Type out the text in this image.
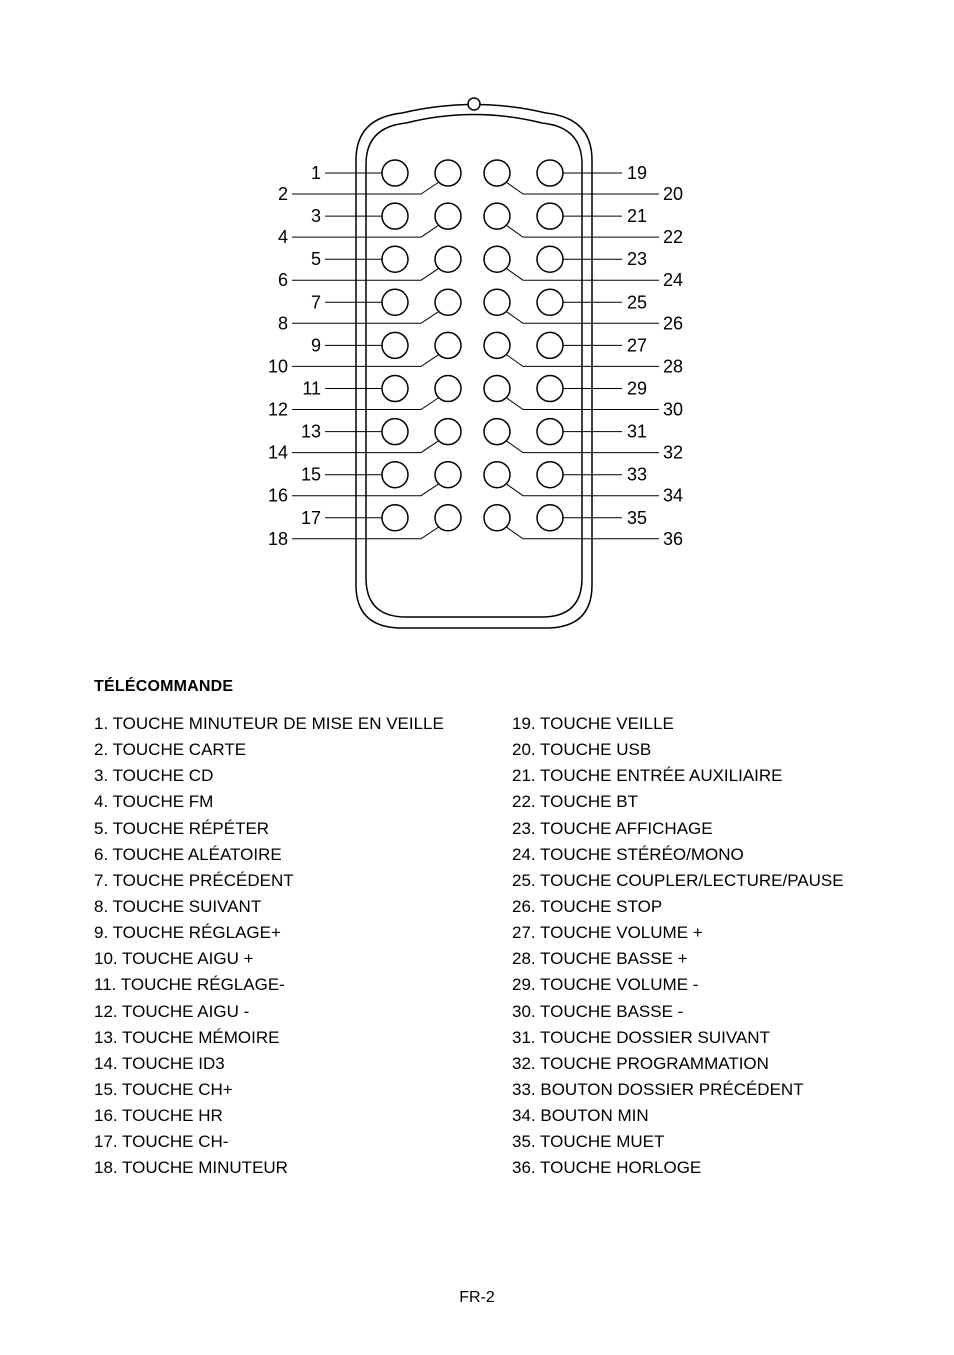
1
2
19
20
3
4
21
22
5
6
23
24
7
8
25
26
9
10
27
28
11
12
29
30
13
14
31
32
15
16
33
34
17
18
35
36
TÉLÉCOMMANDE
1. TOUCHE MINUTEUR DE MISE EN VEILLE
2. TOUCHE CARTE
3. TOUCHE CD
4. TOUCHE FM
5. TOUCHE RÉPÉTER
6. TOUCHE ALÉATOIRE
7. TOUCHE PRÉCÉDENT
8. TOUCHE SUIVANT
9. TOUCHE RÉGLAGE+
10. TOUCHE AIGU +
11. TOUCHE RÉGLAGE-
12. TOUCHE AIGU -
13. TOUCHE MÉMOIRE
14. TOUCHE ID3
15. TOUCHE CH+
16. TOUCHE HR
17. TOUCHE CH-
18. TOUCHE MINUTEUR
19. TOUCHE VEILLE
20. TOUCHE USB
21. TOUCHE ENTRÉE AUXILIAIRE
22. TOUCHE BT
23. TOUCHE AFFICHAGE
24. TOUCHE STÉRÉO/MONO
25. TOUCHE COUPLER/LECTURE/PAUSE
26. TOUCHE STOP
27. TOUCHE VOLUME +
28. TOUCHE BASSE +
29. TOUCHE VOLUME -
30. TOUCHE BASSE -
31. TOUCHE DOSSIER SUIVANT
32. TOUCHE PROGRAMMATION
33. BOUTON DOSSIER PRÉCÉDENT
34. BOUTON MIN
35. TOUCHE MUET
36. TOUCHE HORLOGE
FR-2
